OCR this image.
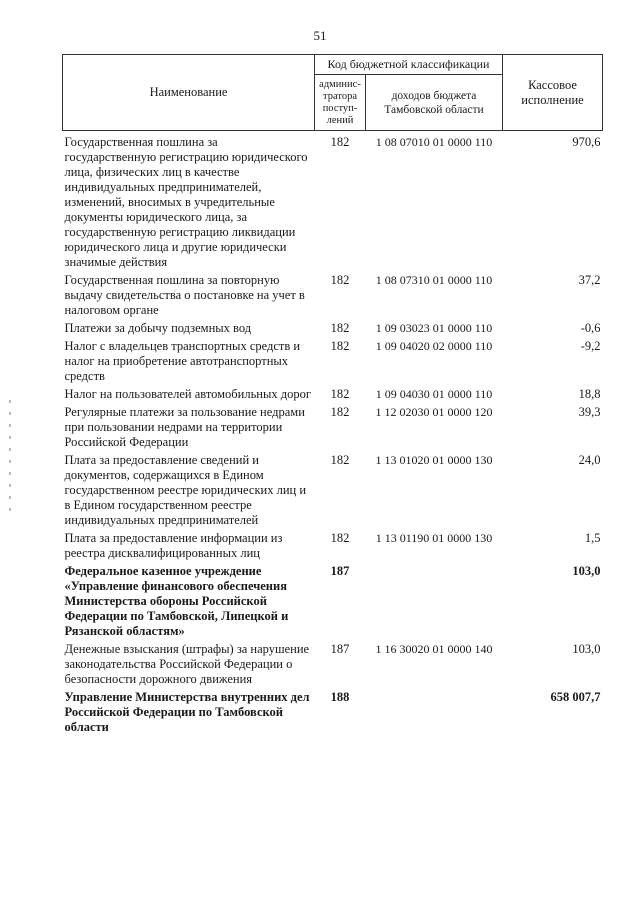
51
Наименование	Код бюджетной классификации		Кассовое исполнение
	админис-тратора поступ-лений	доходов бюджета Тамбовской области	
Государственная пошлина за государственную регистрацию юридического лица, физических лиц в качестве индивидуальных предпринимателей, изменений, вносимых в учредительные документы юридического лица, за государственную регистрацию ликвидации юридического лица и другие юридически значимые действия	182	1 08 07010 01 0000 110	970,6
Государственная пошлина за повторную выдачу свидетельства о постановке на учет в налоговом органе	182	1 08 07310 01 0000 110	37,2
Платежи за добычу подземных вод	182	1 09 03023 01 0000 110	-0,6
Налог с владельцев транспортных средств и налог на приобретение автотранспортных средств	182	1 09 04020 02 0000 110	-9,2
Налог на пользователей автомобильных дорог	182	1 09 04030 01 0000 110	18,8
Регулярные платежи за пользование недрами при пользовании недрами на территории Российской Федерации	182	1 12 02030 01 0000 120	39,3
Плата за предоставление сведений и документов, содержащихся в Едином государственном реестре юридических лиц и в Едином государственном реестре индивидуальных предпринимателей	182	1 13 01020 01 0000 130	24,0
Плата за предоставление информации из реестра дисквалифицированных лиц	182	1 13 01190 01 0000 130	1,5
Федеральное казенное учреждение «Управление финансового обеспечения Министерства обороны Российской Федерации по Тамбовской, Липецкой и Рязанской областям»	187		103,0
Денежные взыскания (штрафы) за нарушение законодательства Российской Федерации о безопасности дорожного движения	187	1 16 30020 01 0000 140	103,0
Управление Министерства внутренних дел Российской Федерации по Тамбовской области	188		658 007,7
